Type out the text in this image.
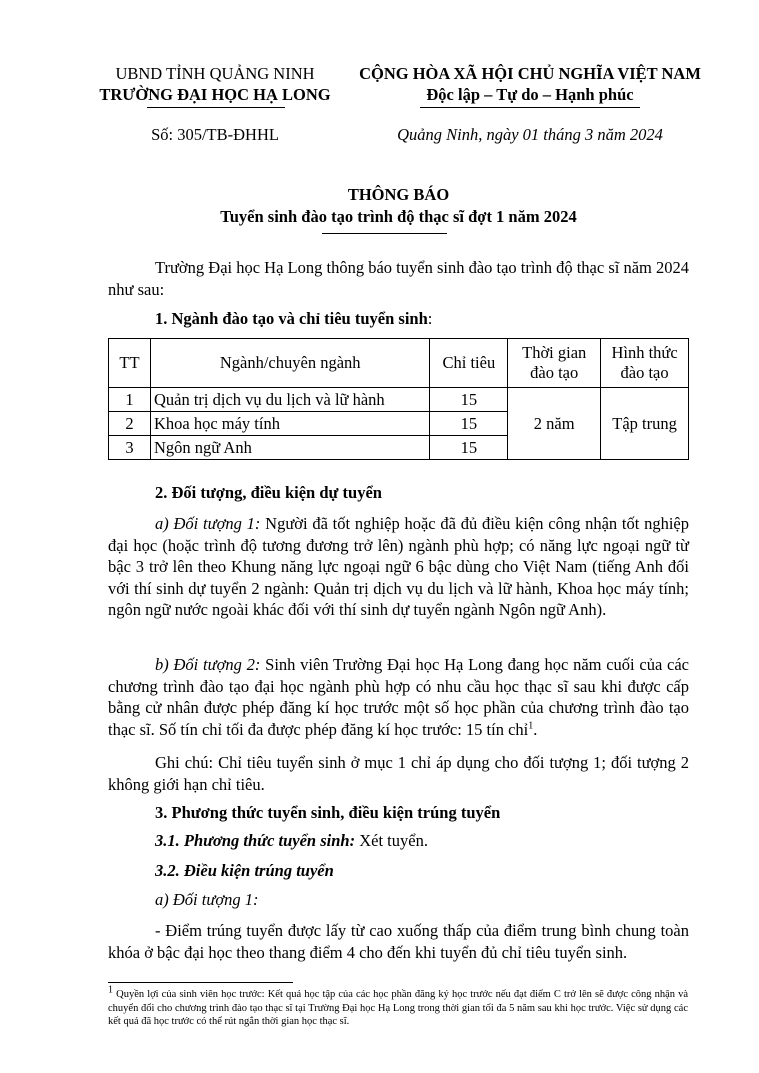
UBND TỈNH QUẢNG NINH
TRƯỜNG ĐẠI HỌC HẠ LONG
CỘNG HÒA XÃ HỘI CHỦ NGHĨA VIỆT NAM
Độc lập – Tự do – Hạnh phúc
Số: 305/TB-ĐHHL	Quảng Ninh, ngày 01 tháng 3 năm 2024
THÔNG BÁO
Tuyển sinh đào tạo trình độ thạc sĩ đợt 1 năm 2024

Trường Đại học Hạ Long thông báo tuyển sinh đào tạo trình độ thạc sĩ năm 2024 như sau:

1. Ngành đào tạo và chỉ tiêu tuyển sinh:
TT	Ngành/chuyên ngành	Chỉ tiêu	Thời gian đào tạo	Hình thức đào tạo
1	Quản trị dịch vụ du lịch và lữ hành	15	2 năm	Tập trung
2	Khoa học máy tính	15		
3	Ngôn ngữ Anh	15		
2. Đối tượng, điều kiện dự tuyển

a) Đối tượng 1: Người đã tốt nghiệp hoặc đã đủ điều kiện công nhận tốt nghiệp đại học (hoặc trình độ tương đương trở lên) ngành phù hợp; có năng lực ngoại ngữ từ bậc 3 trở lên theo Khung năng lực ngoại ngữ 6 bậc dùng cho Việt Nam (tiếng Anh đối với thí sinh dự tuyển 2 ngành: Quản trị dịch vụ du lịch và lữ hành, Khoa học máy tính; ngôn ngữ nước ngoài khác đối với thí sinh dự tuyển ngành Ngôn ngữ Anh).

b) Đối tượng 2: Sinh viên Trường Đại học Hạ Long đang học năm cuối của các chương trình đào tạo đại học ngành phù hợp có nhu cầu học thạc sĩ sau khi được cấp bằng cử nhân được phép đăng kí học trước một số học phần của chương trình đào tạo thạc sĩ. Số tín chỉ tối đa được phép đăng kí học trước: 15 tín chỉ$^1$.

Ghi chú: Chỉ tiêu tuyển sinh ở mục 1 chỉ áp dụng cho đối tượng 1; đối tượng 2 không giới hạn chỉ tiêu.

3. Phương thức tuyển sinh, điều kiện trúng tuyển
3.1. Phương thức tuyển sinh: Xét tuyển.
3.2. Điều kiện trúng tuyển
a) Đối tượng 1:

- Điểm trúng tuyển được lấy từ cao xuống thấp của điểm trung bình chung toàn khóa ở bậc đại học theo thang điểm 4 cho đến khi tuyển đủ chỉ tiêu tuyển sinh.

$^1$ Quyền lợi của sinh viên học trước: Kết quả học tập của các học phần đăng ký học trước nếu đạt điểm C trở lên sẽ được công nhận và chuyển đổi cho chương trình đào tạo thạc sĩ tại Trường Đại học Hạ Long trong thời gian tối đa 5 năm sau khi học trước. Việc sử dụng các kết quả đã học trước có thể rút ngắn thời gian học thạc sĩ.
